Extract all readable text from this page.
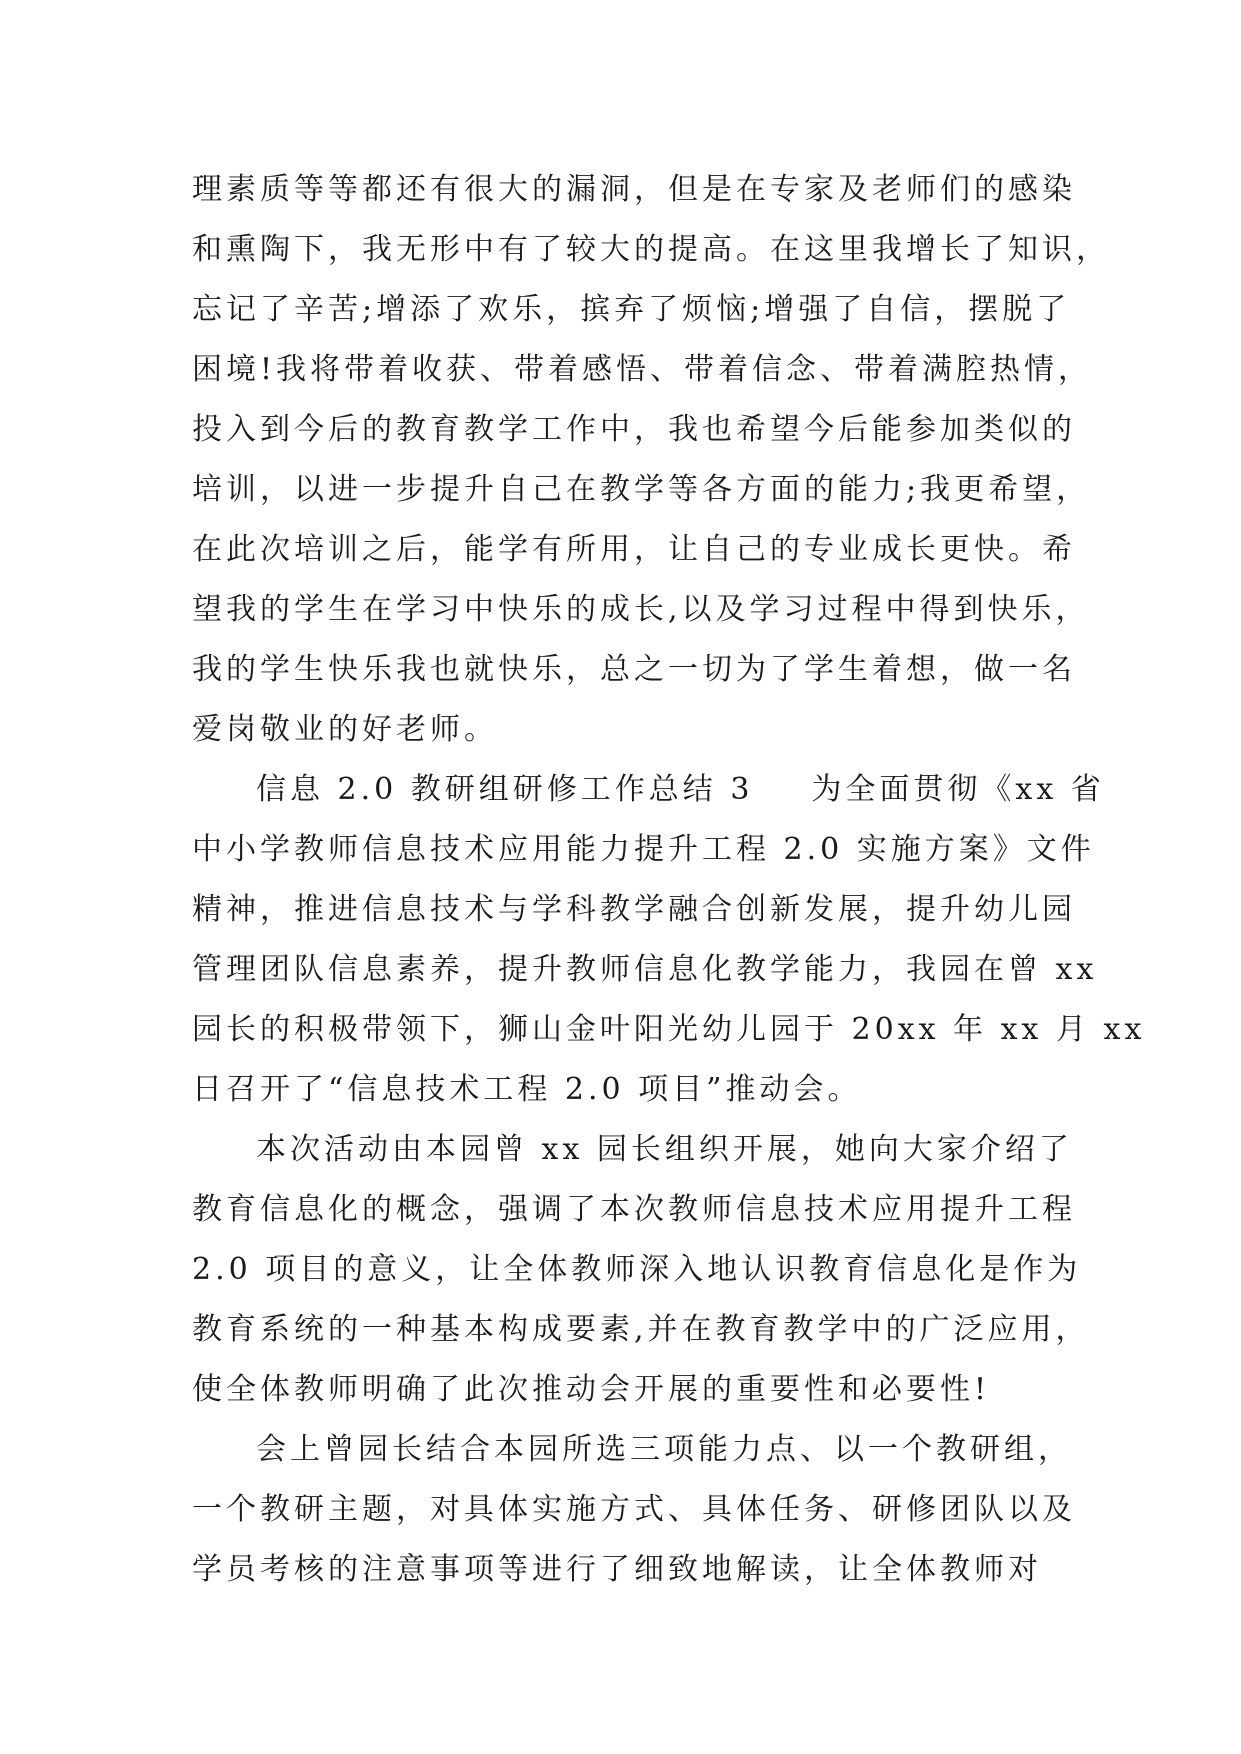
理素质等等都还有很大的漏洞，但是在专家及老师们的感染
和熏陶下，我无形中有了较大的提高。在这里我增长了知识，
忘记了辛苦;增添了欢乐，摈弃了烦恼;增强了自信，摆脱了
困境!我将带着收获、带着感悟、带着信念、带着满腔热情，
投入到今后的教育教学工作中，我也希望今后能参加类似的
培训，以进一步提升自己在教学等各方面的能力;我更希望，
在此次培训之后，能学有所用，让自己的专业成长更快。希
望我的学生在学习中快乐的成长,以及学习过程中得到快乐，
我的学生快乐我也就快乐，总之一切为了学生着想，做一名
爱岗敬业的好老师。
信息 2.0 教研组研修工作总结 3 为全面贯彻《xx 省
中小学教师信息技术应用能力提升工程 2.0 实施方案》文件
精神，推进信息技术与学科教学融合创新发展，提升幼儿园
管理团队信息素养，提升教师信息化教学能力，我园在曾 xx
园长的积极带领下，狮山金叶阳光幼儿园于 20xx 年 xx 月 xx
日召开了“信息技术工程 2.0 项目”推动会。
本次活动由本园曾 xx 园长组织开展，她向大家介绍了
教育信息化的概念，强调了本次教师信息技术应用提升工程
2.0 项目的意义，让全体教师深入地认识教育信息化是作为
教育系统的一种基本构成要素,并在教育教学中的广泛应用，
使全体教师明确了此次推动会开展的重要性和必要性!
会上曾园长结合本园所选三项能力点、以一个教研组，
一个教研主题，对具体实施方式、具体任务、研修团队以及
学员考核的注意事项等进行了细致地解读，让全体教师对
